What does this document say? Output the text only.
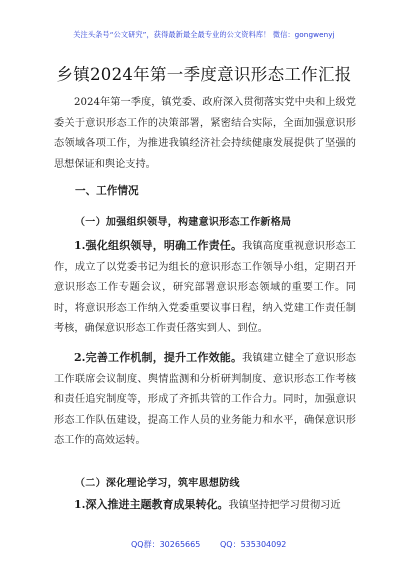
关注头条号“公文研究”，获得最新最全最专业的公文资料库！ 微信：gongwenyj
乡镇2024年第一季度意识形态工作汇报

2024年第一季度，镇党委、政府深入贯彻落实党中央和上级党委关于意识形态工作的决策部署，紧密结合实际，全面加强意识形态领域各项工作，为推进我镇经济社会持续健康发展提供了坚强的思想保证和舆论支持。

一、工作情况

（一）加强组织领导，构建意识形态工作新格局

1.强化组织领导，明确工作责任。我镇高度重视意识形态工作，成立了以党委书记为组长的意识形态工作领导小组，定期召开意识形态工作专题会议，研究部署意识形态领域的重要工作。同时，将意识形态工作纳入党委重要议事日程，纳入党建工作责任制考核，确保意识形态工作责任落实到人、到位。

2.完善工作机制，提升工作效能。我镇建立健全了意识形态工作联席会议制度、舆情监测和分析研判制度、意识形态工作考核和责任追究制度等，形成了齐抓共管的工作合力。同时，加强意识形态工作队伍建设，提高工作人员的业务能力和水平，确保意识形态工作的高效运转。

（二）深化理论学习，筑牢思想防线

1.深入推进主题教育成果转化。我镇坚持把学习贯彻习近

QQ群：30265665 QQ：535304092
